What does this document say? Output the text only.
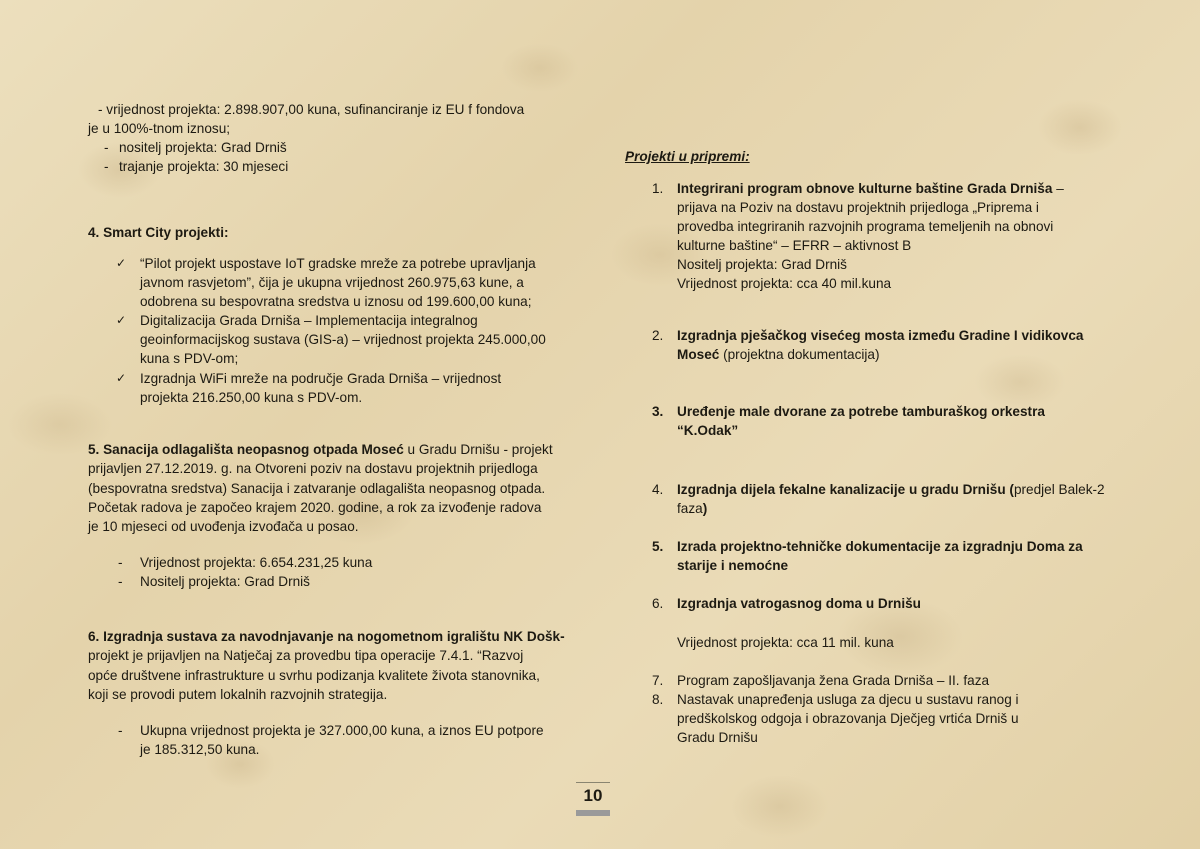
- vrijednost projekta: 2.898.907,00 kuna, sufinanciranje iz EU f fondova
je u 100%-tnom iznosu;
- nositelj projekta: Grad Drniš
- trajanje projekta: 30 mjeseci
4. Smart City projekti:
✓ “Pilot projekt uspostave IoT gradske mreže za potrebe upravljanja
javnom rasvjetom”, čija je ukupna vrijednost 260.975,63 kune, a
odobrena su bespovratna sredstva u iznosu od 199.600,00 kuna;
✓ Digitalizacija Grada Drniša – Implementacija integralnog
geoinformacijskog sustava (GIS-a) – vrijednost projekta 245.000,00
kuna s PDV-om;
✓ Izgradnja WiFi mreže na područje Grada Drniša – vrijednost
projekta 216.250,00 kuna s PDV-om.
5. Sanacija odlagališta neopasnog otpada Moseć u Gradu Drnišu - projekt
prijavljen 27.12.2019. g. na Otvoreni poziv na dostavu projektnih prijedloga
(bespovratna sredstva) Sanacija i zatvaranje odlagališta neopasnog otpada.
Početak radova je započeo krajem 2020. godine, a rok za izvođenje radova
je 10 mjeseci od uvođenja izvođača u posao.
- Vrijednost projekta: 6.654.231,25 kuna
- Nositelj projekta: Grad Drniš
6. Izgradnja sustava za navodnjavanje na nogometnom igralištu NK Došk-
projekt je prijavljen na Natječaj za provedbu tipa operacije 7.4.1. “Razvoj
opće društvene infrastrukture u svrhu podizanja kvalitete života stanovnika,
koji se provodi putem lokalnih razvojnih strategija.
- Ukupna vrijednost projekta je 327.000,00 kuna, a iznos EU potpore
je 185.312,50 kuna.
Projekti u pripremi:
1. Integrirani program obnove kulturne baštine Grada Drniša –
prijava na Poziv na dostavu projektnih prijedloga „Priprema i
provedba integriranih razvojnih programa temeljenih na obnovi
kulturne baštine“ – EFRR – aktivnost B
Nositelj projekta: Grad Drniš
Vrijednost projekta: cca 40 mil.kuna
2. Izgradnja pješačkog visećeg mosta između Gradine I vidikovca
Moseć (projektna dokumentacija)
3. Uređenje male dvorane za potrebe tamburaškog orkestra
“K.Odak”
4. Izgradnja dijela fekalne kanalizacije u gradu Drnišu (predjel Balek-2
faza)
5. Izrada projektno-tehničke dokumentacije za izgradnju Doma za
starije i nemoćne
6. Izgradnja vatrogasnog doma u Drnišu
Vrijednost projekta: cca 11 mil. kuna
7. Program zapošljavanja žena Grada Drniša – II. faza
8. Nastavak unapređenja usluga za djecu u sustavu ranog i
predškolskog odgoja i obrazovanja Dječjeg vrtića Drniš u
Gradu Drnišu
10
